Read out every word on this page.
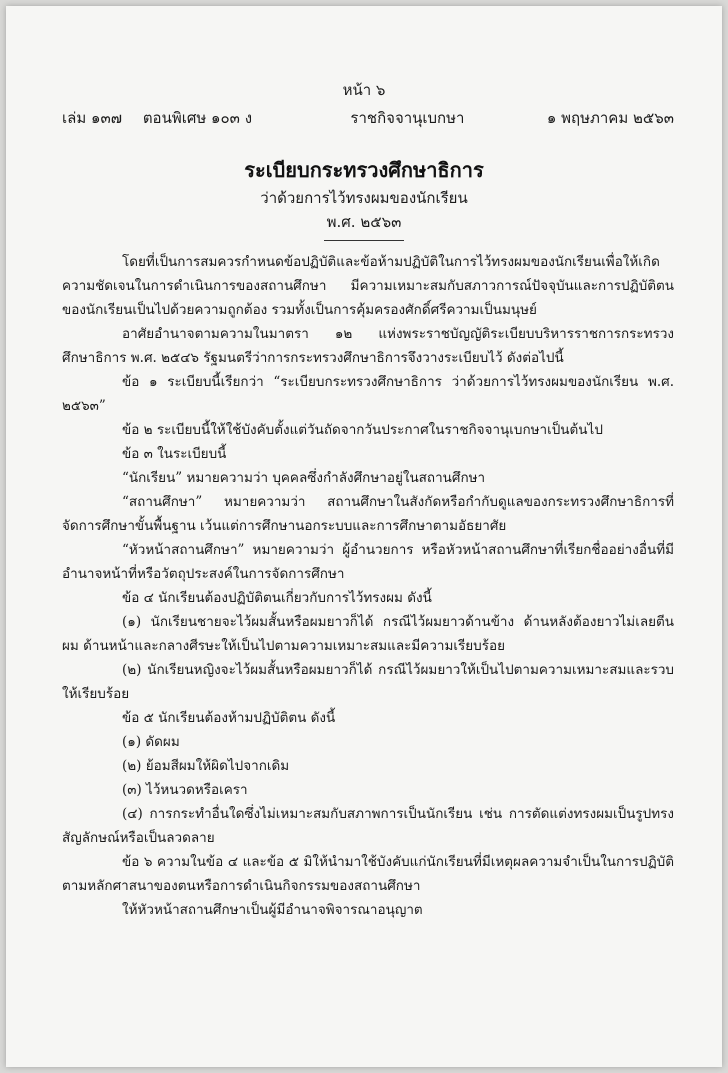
หน้า ๖
เล่ม ๑๓๗ ตอนพิเศษ ๑๐๓ ง	ราชกิจจานุเบกษา	๑ พฤษภาคม ๒๕๖๓
ระเบียบกระทรวงศึกษาธิการ
ว่าด้วยการไว้ทรงผมของนักเรียน
พ.ศ. ๒๕๖๓

โดยที่เป็นการสมควรกำหนดข้อปฏิบัติและข้อห้ามปฏิบัติในการไว้ทรงผมของนักเรียนเพื่อให้เกิดความชัดเจนในการดำเนินการของสถานศึกษา มีความเหมาะสมกับสภาวการณ์ปัจจุบันและการปฏิบัติตนของนักเรียนเป็นไปด้วยความถูกต้อง รวมทั้งเป็นการคุ้มครองศักดิ์ศรีความเป็นมนุษย์

อาศัยอำนาจตามความในมาตรา ๑๒ แห่งพระราชบัญญัติระเบียบบริหารราชการกระทรวงศึกษาธิการ พ.ศ. ๒๕๔๖ รัฐมนตรีว่าการกระทรวงศึกษาธิการจึงวางระเบียบไว้ ดังต่อไปนี้

ข้อ ๑ ระเบียบนี้เรียกว่า “ระเบียบกระทรวงศึกษาธิการ ว่าด้วยการไว้ทรงผมของนักเรียน พ.ศ. ๒๕๖๓”

ข้อ ๒ ระเบียบนี้ให้ใช้บังคับตั้งแต่วันถัดจากวันประกาศในราชกิจจานุเบกษาเป็นต้นไป

ข้อ ๓ ในระเบียบนี้

“นักเรียน” หมายความว่า บุคคลซึ่งกำลังศึกษาอยู่ในสถานศึกษา

“สถานศึกษา” หมายความว่า สถานศึกษาในสังกัดหรือกำกับดูแลของกระทรวงศึกษาธิการที่จัดการศึกษาขั้นพื้นฐาน เว้นแต่การศึกษานอกระบบและการศึกษาตามอัธยาศัย

“หัวหน้าสถานศึกษา” หมายความว่า ผู้อำนวยการ หรือหัวหน้าสถานศึกษาที่เรียกชื่ออย่างอื่นที่มีอำนาจหน้าที่หรือวัตถุประสงค์ในการจัดการศึกษา

ข้อ ๔ นักเรียนต้องปฏิบัติตนเกี่ยวกับการไว้ทรงผม ดังนี้

(๑) นักเรียนชายจะไว้ผมสั้นหรือผมยาวก็ได้ กรณีไว้ผมยาวด้านข้าง ด้านหลังต้องยาวไม่เลยตีนผม ด้านหน้าและกลางศีรษะให้เป็นไปตามความเหมาะสมและมีความเรียบร้อย

(๒) นักเรียนหญิงจะไว้ผมสั้นหรือผมยาวก็ได้ กรณีไว้ผมยาวให้เป็นไปตามความเหมาะสมและรวบให้เรียบร้อย

ข้อ ๕ นักเรียนต้องห้ามปฏิบัติตน ดังนี้

(๑) ดัดผม

(๒) ย้อมสีผมให้ผิดไปจากเดิม

(๓) ไว้หนวดหรือเครา

(๔) การกระทำอื่นใดซึ่งไม่เหมาะสมกับสภาพการเป็นนักเรียน เช่น การตัดแต่งทรงผมเป็นรูปทรงสัญลักษณ์หรือเป็นลวดลาย

ข้อ ๖ ความในข้อ ๔ และข้อ ๕ มิให้นำมาใช้บังคับแก่นักเรียนที่มีเหตุผลความจำเป็นในการปฏิบัติตามหลักศาสนาของตนหรือการดำเนินกิจกรรมของสถานศึกษา

ให้หัวหน้าสถานศึกษาเป็นผู้มีอำนาจพิจารณาอนุญาต
